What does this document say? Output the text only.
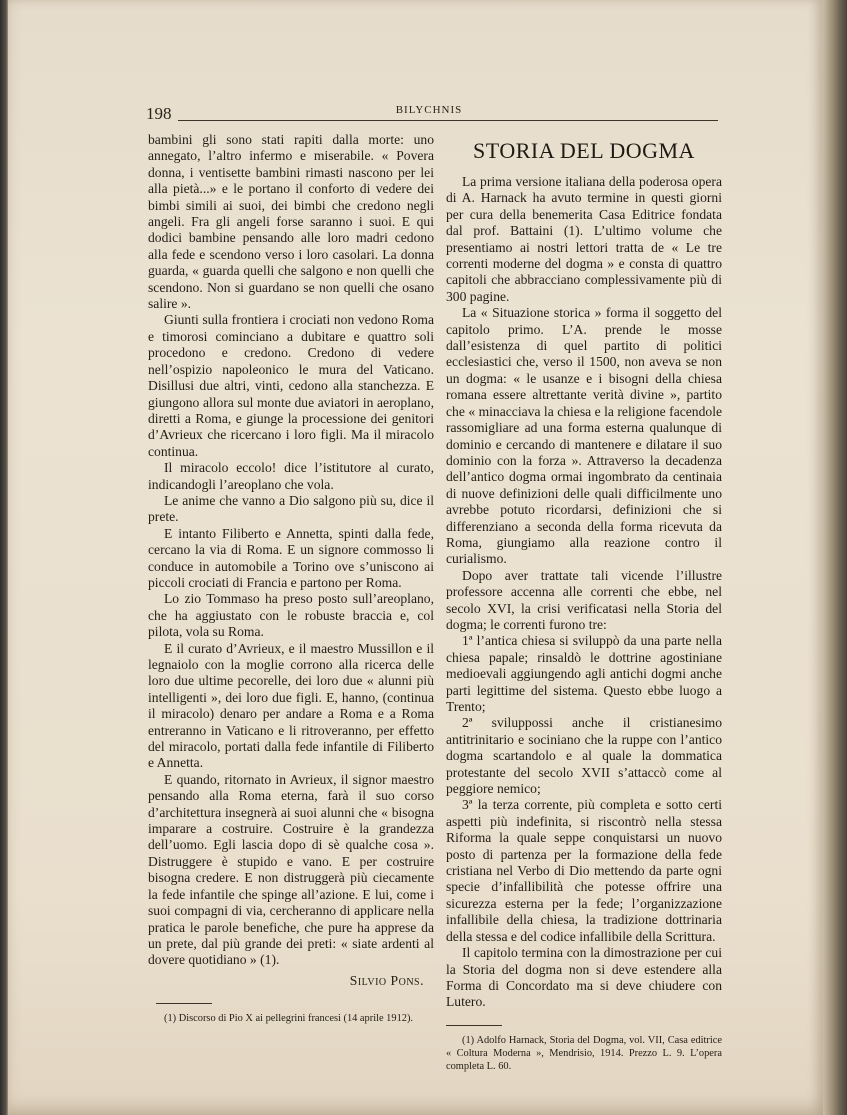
198	BILYCHNIS

bambini gli sono stati rapiti dalla morte: uno annegato, l’altro infermo e miserabile. « Povera donna, i ventisette bambini rimasti nascono per lei alla pietà...» e le portano il conforto di vedere dei bimbi simili ai suoi, dei bimbi che credono negli angeli. Fra gli angeli forse saranno i suoi. E qui dodici bambine pensando alle loro madri cedono alla fede e scendono verso i loro casolari. La donna guarda, « guarda quelli che salgono e non quelli che scendono. Non si guardano se non quelli che osano salire ».

Giunti sulla frontiera i crociati non vedono Roma e timorosi cominciano a dubitare e quattro soli procedono e credono. Credono di vedere nell’ospizio napoleonico le mura del Vaticano. Disillusi due altri, vinti, cedono alla stanchezza. E giungono allora sul monte due aviatori in aeroplano, diretti a Roma, e giunge la processione dei genitori d’Avrieux che ricercano i loro figli. Ma il miracolo continua.

Il miracolo eccolo! dice l’istitutore al curato, indicandogli l’areoplano che vola.

Le anime che vanno a Dio salgono più su, dice il prete.

E intanto Filiberto e Annetta, spinti dalla fede, cercano la via di Roma. E un signore commosso li conduce in automobile a Torino ove s’uniscono ai piccoli crociati di Francia e partono per Roma.

Lo zio Tommaso ha preso posto sull’areoplano, che ha aggiustato con le robuste braccia e, col pilota, vola su Roma.

E il curato d’Avrieux, e il maestro Mussillon e il legnaiolo con la moglie corrono alla ricerca delle loro due ultime pecorelle, dei loro due « alunni più intelligenti », dei loro due figli. E, hanno, (continua il miracolo) denaro per andare a Roma e a Roma entreranno in Vaticano e li ritroveranno, per effetto del miracolo, portati dalla fede infantile di Filiberto e Annetta.

E quando, ritornato in Avrieux, il signor maestro pensando alla Roma eterna, farà il suo corso d’architettura insegnerà ai suoi alunni che « bisogna imparare a costruire. Costruire è la grandezza dell’uomo. Egli lascia dopo di sè qualche cosa ». Distruggere è stupido e vano. E per costruire bisogna credere. E non distruggerà più ciecamente la fede infantile che spinge all’azione. E lui, come i suoi compagni di via, cercheranno di applicare nella pratica le parole benefiche, che pure ha apprese da un prete, dal più grande dei preti: « siate ardenti al dovere quotidiano » (1).

Silvio Pons.

(1) Discorso di Pio X ai pellegrini francesi (14 aprile 1912).

STORIA DEL DOGMA

La prima versione italiana della poderosa opera di A. Harnack ha avuto termine in questi giorni per cura della benemerita Casa Editrice fondata dal prof. Battaini (1). L’ultimo volume che presentiamo ai nostri lettori tratta de « Le tre correnti moderne del dogma » e consta di quattro capitoli che abbracciano complessivamente più di 300 pagine.

La « Situazione storica » forma il soggetto del capitolo primo. L’A. prende le mosse dall’esistenza di quel partito di politici ecclesiastici che, verso il 1500, non aveva se non un dogma: « le usanze e i bisogni della chiesa romana essere altrettante verità divine », partito che « minacciava la chiesa e la religione facendole rassomigliare ad una forma esterna qualunque di dominio e cercando di mantenere e dilatare il suo dominio con la forza ». Attraverso la decadenza dell’antico dogma ormai ingombrato da centinaia di nuove definizioni delle quali difficilmente uno avrebbe potuto ricordarsi, definizioni che si differenziano a seconda della forma ricevuta da Roma, giungiamo alla reazione contro il curialismo.

Dopo aver trattate tali vicende l’illustre professore accenna alle correnti che ebbe, nel secolo XVI, la crisi verificatasi nella Storia del dogma; le correnti furono tre:

1ª l’antica chiesa si sviluppò da una parte nella chiesa papale; rinsaldò le dottrine agostiniane medioevali aggiungendo agli antichi dogmi anche parti legittime del sistema. Questo ebbe luogo a Trento;

2ª sviluppossi anche il cristianesimo antitrinitario e sociniano che la ruppe con l’antico dogma scartandolo e al quale la dommatica protestante del secolo XVII s’attaccò come al peggiore nemico;

3ª la terza corrente, più completa e sotto certi aspetti più indefinita, si riscontrò nella stessa Riforma la quale seppe conquistarsi un nuovo posto di partenza per la formazione della fede cristiana nel Verbo di Dio mettendo da parte ogni specie d’infallibilità che potesse offrire una sicurezza esterna per la fede; l’organizzazione infallibile della chiesa, la tradizione dottrinaria della stessa e del codice infallibile della Scrittura.

Il capitolo termina con la dimostrazione per cui la Storia del dogma non si deve estendere alla Forma di Concordato ma si deve chiudere con Lutero.

(1) Adolfo Harnack, Storia del Dogma, vol. VII, Casa editrice « Coltura Moderna », Mendrisio, 1914. Prezzo L. 9. L’opera completa L. 60.
